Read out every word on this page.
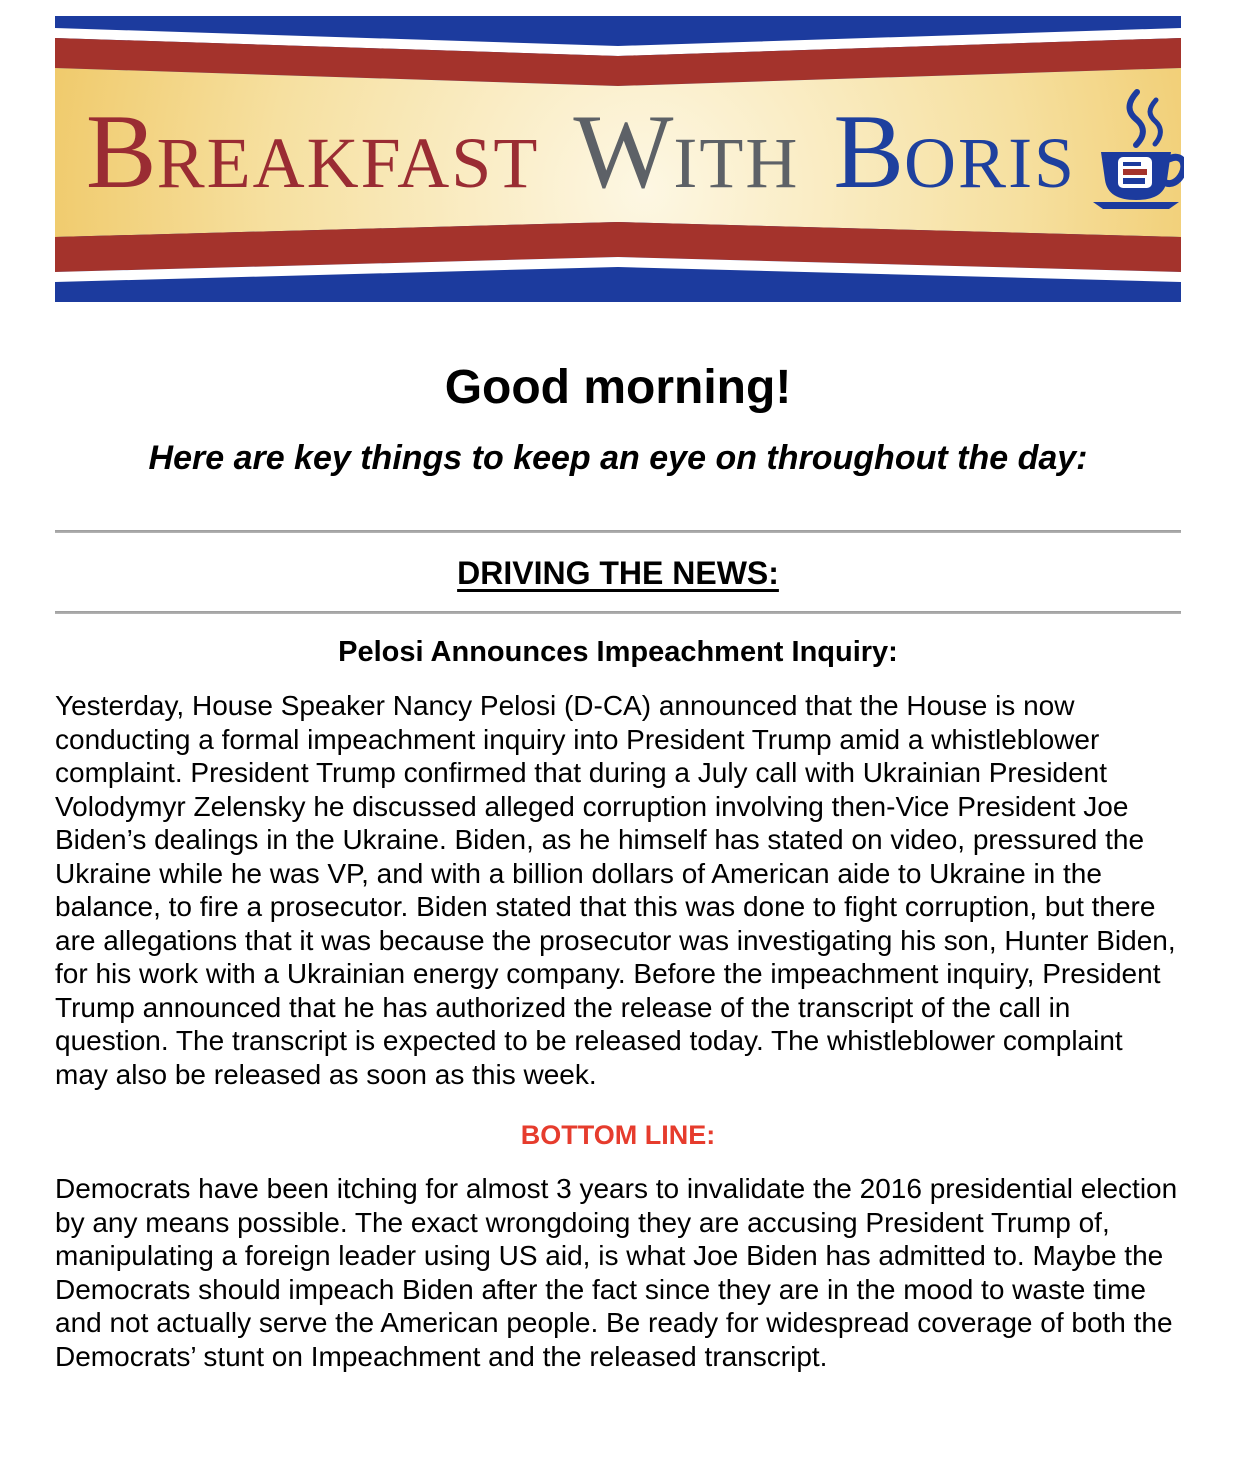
BREAKFAST WITH BORIS
Good morning!
Here are key things to keep an eye on throughout the day:
DRIVING THE NEWS:
Pelosi Announces Impeachment Inquiry:

Yesterday, House Speaker Nancy Pelosi (D-CA) announced that the House is now conducting a formal impeachment inquiry into President Trump amid a whistleblower complaint. President Trump confirmed that during a July call with Ukrainian President Volodymyr Zelensky he discussed alleged corruption involving then-Vice President Joe Biden’s dealings in the Ukraine. Biden, as he himself has stated on video, pressured the Ukraine while he was VP, and with a billion dollars of American aide to Ukraine in the balance, to fire a prosecutor. Biden stated that this was done to fight corruption, but there are allegations that it was because the prosecutor was investigating his son, Hunter Biden, for his work with a Ukrainian energy company. Before the impeachment inquiry, President Trump announced that he has authorized the release of the transcript of the call in question. The transcript is expected to be released today. The whistleblower complaint may also be released as soon as this week.

BOTTOM LINE:

Democrats have been itching for almost 3 years to invalidate the 2016 presidential election by any means possible. The exact wrongdoing they are accusing President Trump of, manipulating a foreign leader using US aid, is what Joe Biden has admitted to. Maybe the Democrats should impeach Biden after the fact since they are in the mood to waste time and not actually serve the American people. Be ready for widespread coverage of both the Democrats’ stunt on Impeachment and the released transcript.
